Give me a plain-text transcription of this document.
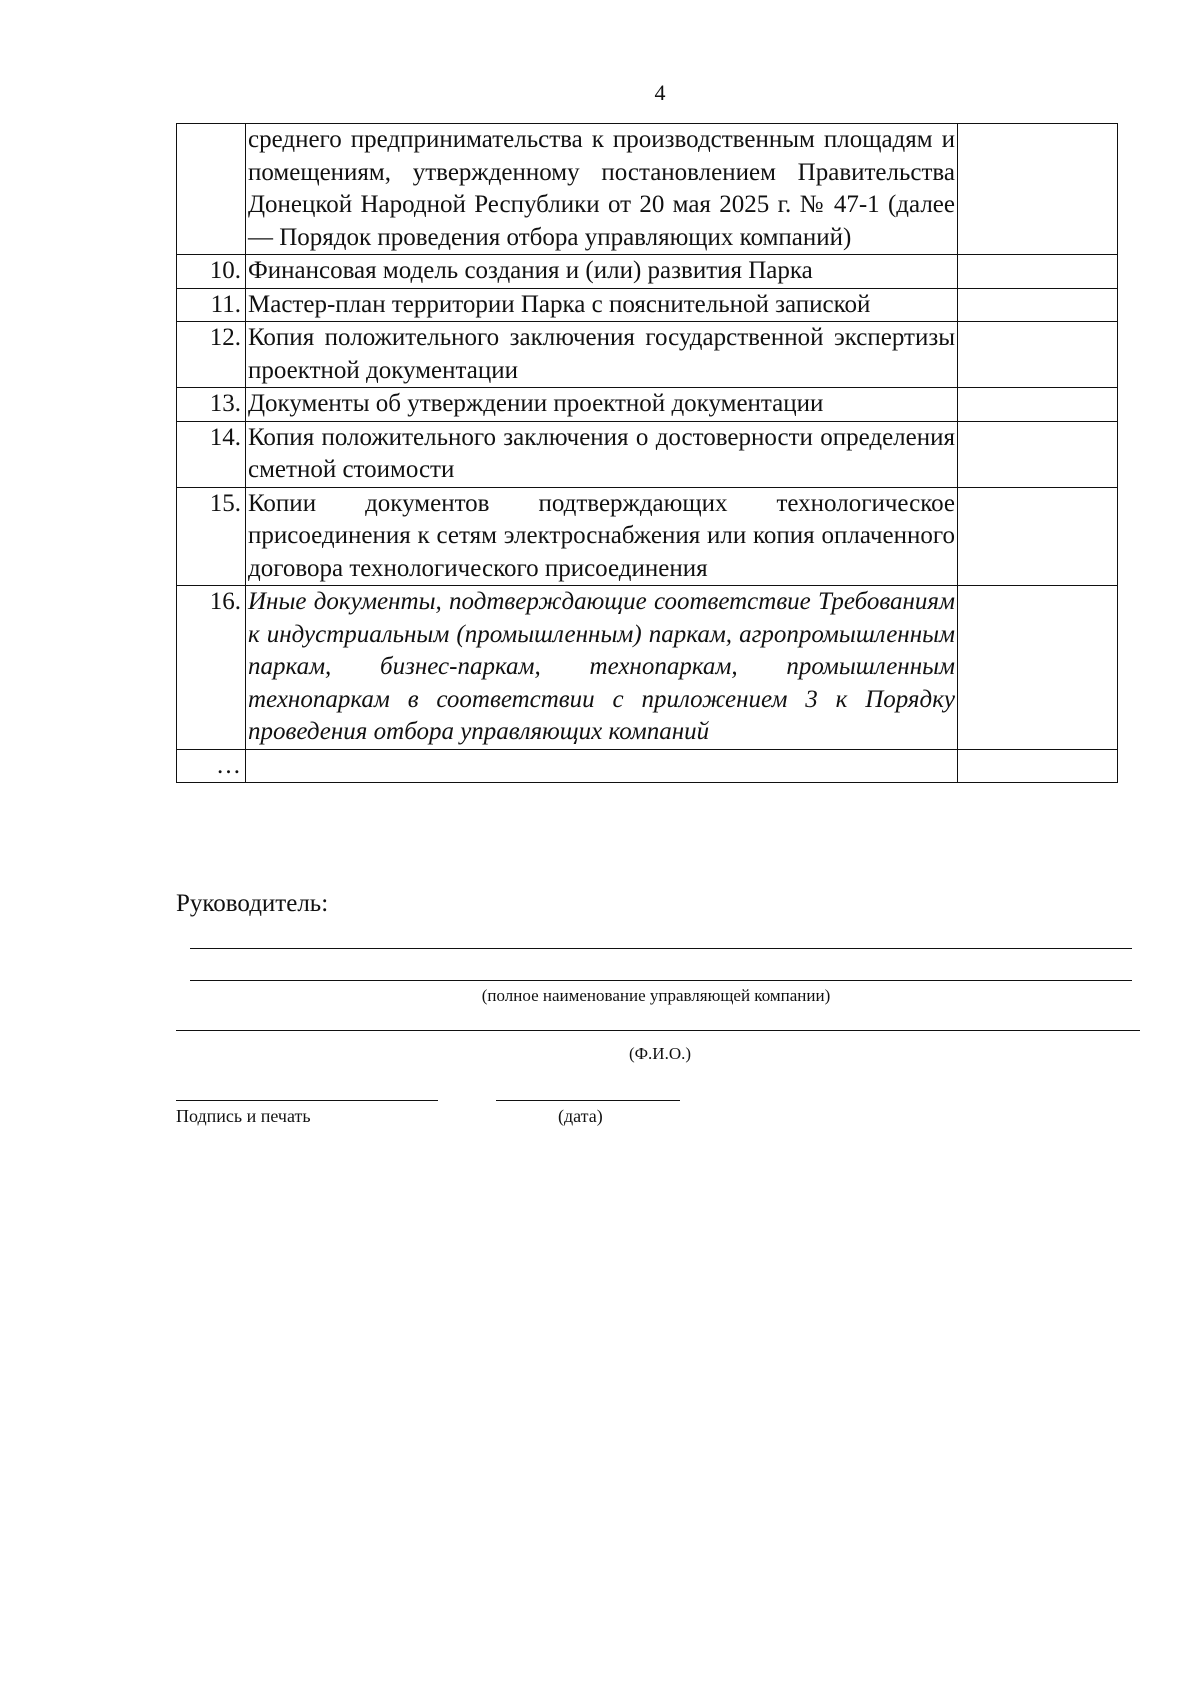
4
	среднего предпринимательства к производственным площадям и помещениям, утвержденному постановлением Правительства Донецкой Народной Республики от 20 мая 2025 г. № 47-1 (далее — Порядок проведения отбора управляющих компаний)	
10.	Финансовая модель создания и (или) развития Парка	
11.	Мастер-план территории Парка с пояснительной запиской	
12.	Копия положительного заключения государственной экспертизы проектной документации	
13.	Документы об утверждении проектной документации	
14.	Копия положительного заключения о достоверности определения сметной стоимости	
15.	Копии документов подтверждающих технологическое присоединения к сетям электроснабжения или копия оплаченного договора технологического присоединения	
16.	Иные документы, подтверждающие соответствие Требованиям к индустриальным (промышленным) паркам, агропромышленным паркам, бизнес-паркам, технопаркам, промышленным технопаркам в соответствии с приложением 3 к Порядку проведения отбора управляющих компаний	
…		
Руководитель:
(полное наименование управляющей компании)
(Ф.И.О.)
Подпись и печать	(дата)
